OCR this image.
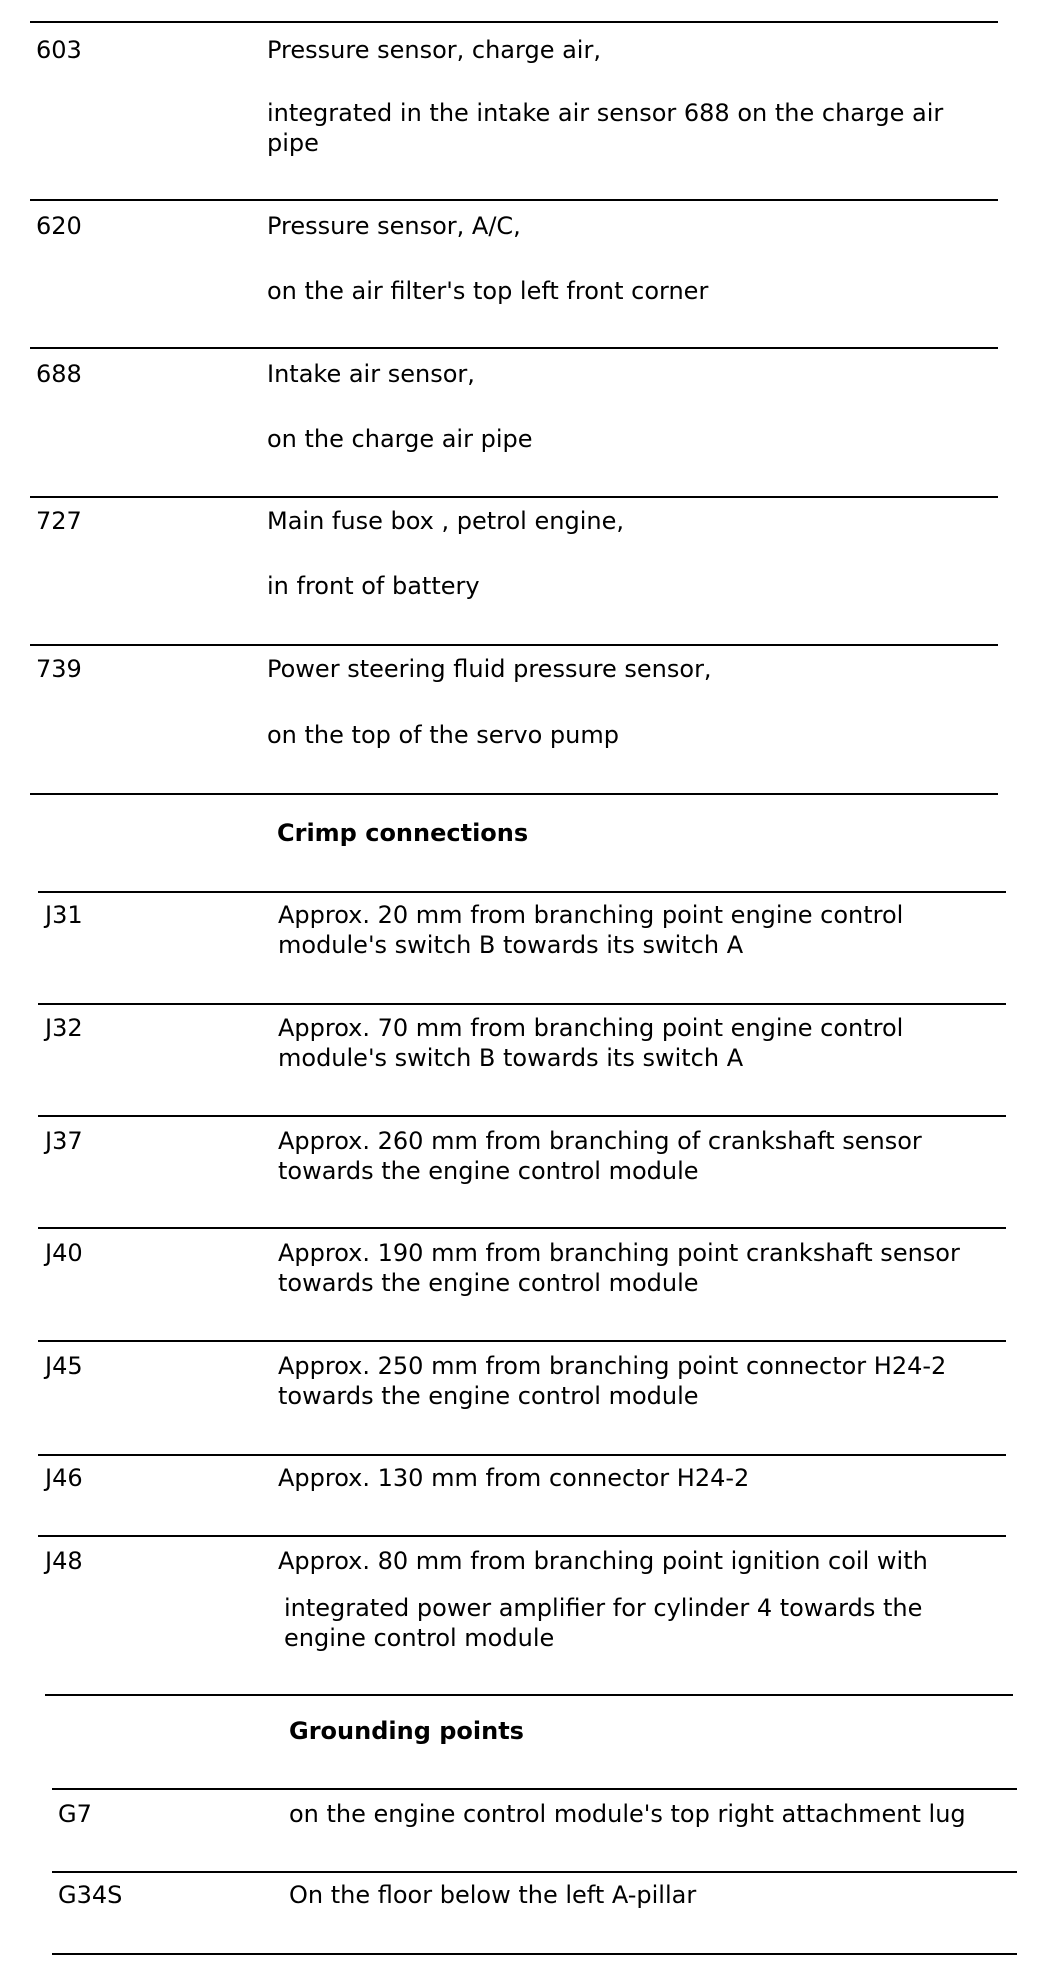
603	Pressure sensor, charge air,
integrated in the intake air sensor 688 on the charge air
pipe
620	Pressure sensor, A/C,
on the air filter's top left front corner
688	Intake air sensor,
on the charge air pipe
727	Main fuse box , petrol engine,
in front of battery
739	Power steering fluid pressure sensor,
on the top of the servo pump
Crimp connections
J31	Approx. 20 mm from branching point engine control
module's switch B towards its switch A
J32	Approx. 70 mm from branching point engine control
module's switch B towards its switch A
J37	Approx. 260 mm from branching of crankshaft sensor
towards the engine control module
J40	Approx. 190 mm from branching point crankshaft sensor
towards the engine control module
J45	Approx. 250 mm from branching point connector H24-2
towards the engine control module
J46	Approx. 130 mm from connector H24-2
J48	Approx. 80 mm from branching point ignition coil with
integrated power amplifier for cylinder 4 towards the
engine control module
Grounding points
G7	on the engine control module's top right attachment lug
G34S	On the floor below the left A-pillar
